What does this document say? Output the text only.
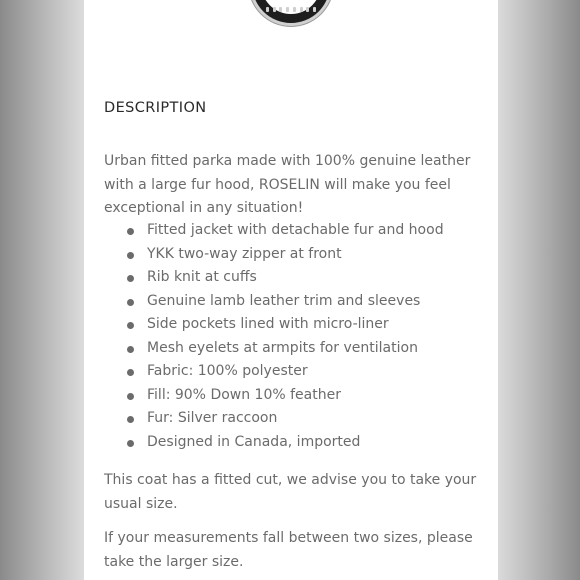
DESCRIPTION

Urban fitted parka made with 100% genuine leather with a large fur hood, ROSELIN will make you feel exceptional in any situation!

Fitted jacket with detachable fur and hood
YKK two-way zipper at front
Rib knit at cuffs
Genuine lamb leather trim and sleeves
Side pockets lined with micro-liner
Mesh eyelets at armpits for ventilation
Fabric: 100% polyester
Fill: 90% Down 10% feather
Fur: Silver raccoon
Designed in Canada, imported

This coat has a fitted cut, we advise you to take your usual size.

If your measurements fall between two sizes, please take the larger size.
